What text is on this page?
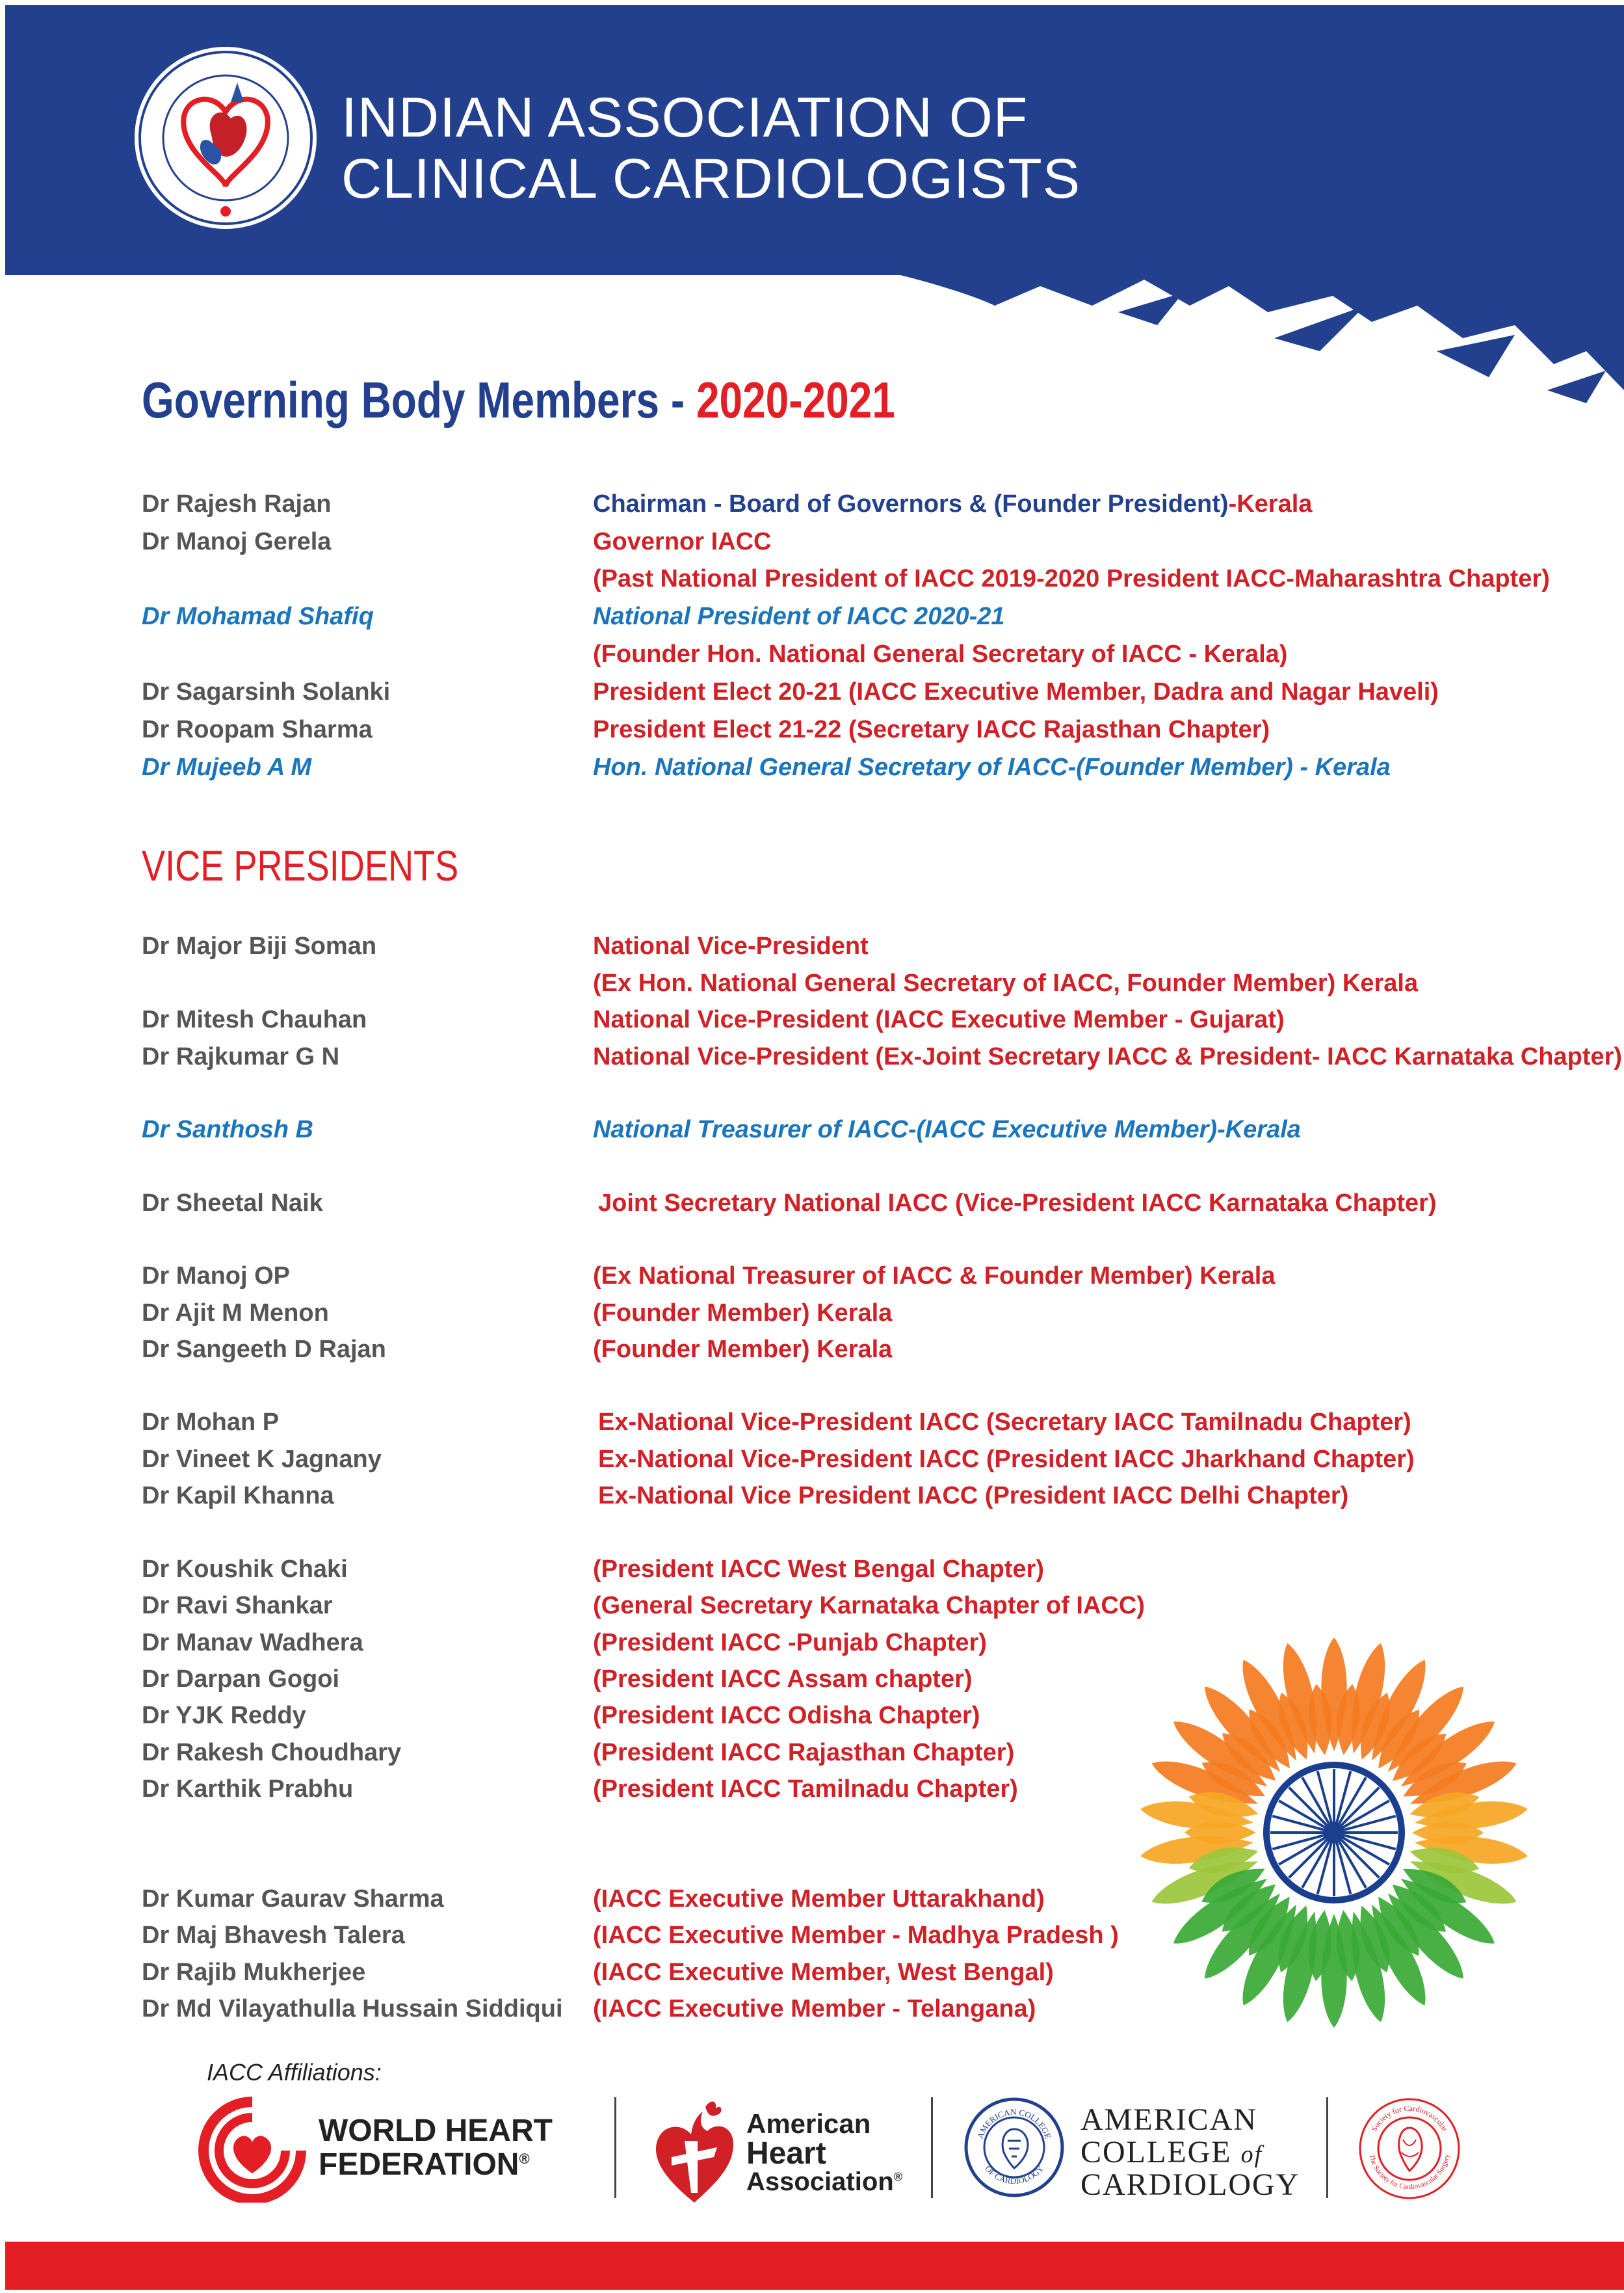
INDIAN ASSOCIATION OF
CLINICAL CARDIOLOGISTS
Governing Body Members - 2020-2021
Dr Rajesh Rajan	Chairman - Board of Governors & (Founder President)-Kerala
Dr Manoj Gerela	Governor IACC
(Past National President of IACC 2019-2020 President IACC-Maharashtra Chapter)
Dr Mohamad Shafiq	National President of IACC 2020-21
(Founder Hon. National General Secretary of IACC - Kerala)
Dr Sagarsinh Solanki	President Elect 20-21 (IACC Executive Member, Dadra and Nagar Haveli)
Dr Roopam Sharma	President Elect 21-22 (Secretary IACC Rajasthan Chapter)
Dr Mujeeb A M	Hon. National General Secretary of IACC-(Founder Member) - Kerala
VICE PRESIDENTS
Dr Major Biji Soman	National Vice-President
(Ex Hon. National General Secretary of IACC, Founder Member) Kerala
Dr Mitesh Chauhan	National Vice-President (IACC Executive Member - Gujarat)
Dr Rajkumar G N	National Vice-President (Ex-Joint Secretary IACC & President- IACC Karnataka Chapter)
Dr Santhosh B	National Treasurer of IACC-(IACC Executive Member)-Kerala
Dr Sheetal Naik	Joint Secretary National IACC (Vice-President IACC Karnataka Chapter)
Dr Manoj OP	(Ex National Treasurer of IACC & Founder Member) Kerala
Dr Ajit M Menon	(Founder Member) Kerala
Dr Sangeeth D Rajan	(Founder Member) Kerala
Dr Mohan P	Ex-National Vice-President IACC (Secretary IACC Tamilnadu Chapter)
Dr Vineet K Jagnany	Ex-National Vice-President IACC (President IACC Jharkhand Chapter)
Dr Kapil Khanna	Ex-National Vice President IACC (President IACC Delhi Chapter)
Dr Koushik Chaki	(President IACC West Bengal Chapter)
Dr Ravi Shankar	(General Secretary Karnataka Chapter of IACC)
Dr Manav Wadhera	(President IACC -Punjab Chapter)
Dr Darpan Gogoi	(President IACC Assam chapter)
Dr YJK Reddy	(President IACC Odisha Chapter)
Dr Rakesh Choudhary	(President IACC Rajasthan Chapter)
Dr Karthik Prabhu	(President IACC Tamilnadu Chapter)
Dr Kumar Gaurav Sharma	(IACC Executive Member Uttarakhand)
Dr Maj Bhavesh Talera	(IACC Executive Member - Madhya Pradesh )
Dr Rajib Mukherjee	(IACC Executive Member, West Bengal)
Dr Md Vilayathulla Hussain Siddiqui (IACC Executive Member - Telangana)
IACC Affiliations:
WORLD HEART
FEDERATION®
American
Heart
Association®
AMERICAN COLLEGE
OF CARDIOLOGY
AMERICAN
COLLEGE of
CARDIOLOGY
Society for Cardiovascular
The Society for Cardiovascular Surgery
